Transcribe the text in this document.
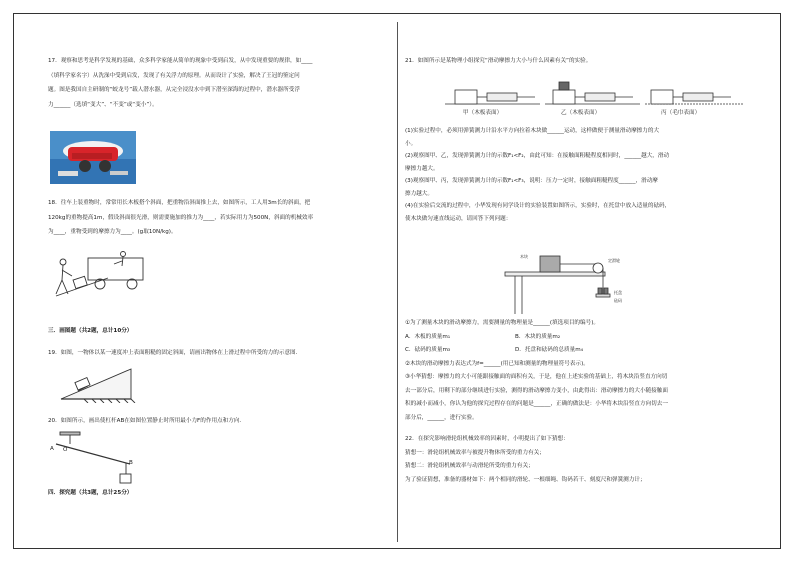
17．观察和思考是科学发现的基础，众多科学家能从简单的现象中受到启发，从中发现重要的规律，如____

（填科学家名字）从洗澡中受到启发，发现了有关浮力的原理。从而设计了实验，解决了王冠的鉴定问

题。图是我国自主研制的“蛟龙号”载人潜水器，从完全浸没水中到下潜至深海的过程中，潜水器所受浮

力______（选填“变大”、“不变”或“变小”）。

18．往车上装重物时，常常用长木板搭个斜面，把重物沿斜面推上去，如图所示，工人用3m长的斜面，把

120kg的重物提高1m，假设斜面很光滑，则需要施加的推力为____，若实际用力为500N，斜面的机械效率

为____，重物受到的摩擦力为____。(g取10N/kg)。

三．画图题（共2题，总计10分）

19．如图，一物体以某一速度冲上表面粗糙的固定斜面，请画出物体在上滑过程中所受的力的示意图．

20．如图所示，画出使杠杆AB在如图位置静止时所用最小力F的作用点和方向．

A O
B

四．探究题（共3题，总计25分）

21．如图所示是某物理小组探究“滑动摩擦力大小与什么因素有关”的实验。

甲（木板表面）	乙（木板表面）	丙（毛巾表面）

(1)实验过程中，必须用弹簧测力计沿水平方向拉着木块做______运动，这样做便于测量滑动摩擦力的大

小。

(2)观察图甲、乙，发现弹簧测力计的示数F₁<F₂，由此可知：在接触面粗糙程度相同时，______越大，滑动

摩擦力越大。

(3)观察图甲、丙，发现弹簧测力计的示数F₁<F₃，说明：压力一定时，接触面粗糙程度______，滑动摩

擦力越大。

(4)在实验后交流的过程中，小华发现有同学设计的实验装置如图所示，实验时，在托盘中放入适量的砝码，

使木块做匀速直线运动，请回答下列问题：

木块
定滑轮
托盘
砝码

①为了测量木块的滑动摩擦力，需要测量的物理量是______(填选项目的编号)。

A．木板的质量m₁	B．木块的质量m₂
C．砝码的质量m₃	D．托盘和砝码的总质量m₄

②木块的滑动摩擦力表达式为f=______(用已知和测量的物理量符号表示)。

③小华猜想：摩擦力的大小可能跟接触面的面积有关，于是，他在上述实验的基础上，将木块沿竖直方向切

去一部分后，用剩下的部分继续进行实验，测得的滑动摩擦力变小，由此得出：滑动摩擦力的大小随接触面

积的减小而减小，你认为他的探究过程存在的问题是______，正确的做法是：小华将木块沿竖直方向切去一

部分后，______，进行实验。

22．在探究影响滑轮组机械效率的因素时，小明提出了如下猜想：

猜想一：滑轮组机械效率与被提升物体所受的重力有关；

猜想二：滑轮组机械效率与动滑轮所受的重力有关；

为了验证猜想，准备的器材如下：两个相同的滑轮、一根细绳、钩码若干、刻度尺和弹簧测力计；
